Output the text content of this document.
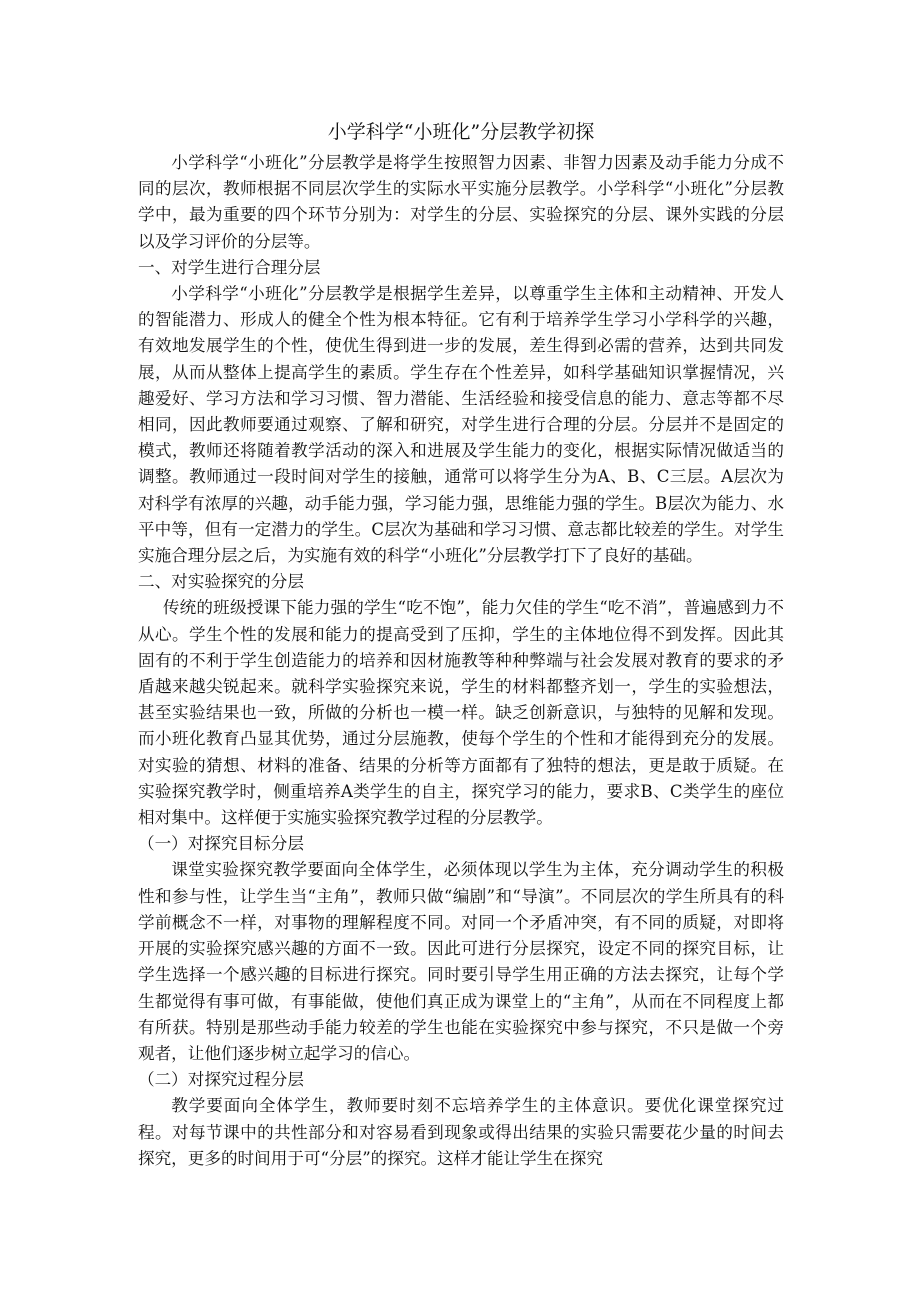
小学科学“小班化”分层教学初探

小学科学“小班化”分层教学是将学生按照智力因素、非智力因素及动手能力分成不同的层次，教师根据不同层次学生的实际水平实施分层教学。小学科学“小班化”分层教学中，最为重要的四个环节分别为：对学生的分层、实验探究的分层、课外实践的分层以及学习评价的分层等。

一、对学生进行合理分层

小学科学“小班化”分层教学是根据学生差异，以尊重学生主体和主动精神、开发人的智能潜力、形成人的健全个性为根本特征。它有利于培养学生学习小学科学的兴趣，有效地发展学生的个性，使优生得到进一步的发展，差生得到必需的营养，达到共同发展，从而从整体上提高学生的素质。学生存在个性差异，如科学基础知识掌握情况，兴趣爱好、学习方法和学习习惯、智力潜能、生活经验和接受信息的能力、意志等都不尽相同，因此教师要通过观察、了解和研究，对学生进行合理的分层。分层并不是固定的模式，教师还将随着教学活动的深入和进展及学生能力的变化，根据实际情况做适当的调整。教师通过一段时间对学生的接触，通常可以将学生分为A、B、C三层。A层次为对科学有浓厚的兴趣，动手能力强，学习能力强，思维能力强的学生。B层次为能力、水平中等，但有一定潜力的学生。C层次为基础和学习习惯、意志都比较差的学生。对学生实施合理分层之后，为实施有效的科学“小班化”分层教学打下了良好的基础。

二、对实验探究的分层

传统的班级授课下能力强的学生“吃不饱”，能力欠佳的学生“吃不消”，普遍感到力不从心。学生个性的发展和能力的提高受到了压抑，学生的主体地位得不到发挥。因此其固有的不利于学生创造能力的培养和因材施教等种种弊端与社会发展对教育的要求的矛盾越来越尖锐起来。就科学实验探究来说，学生的材料都整齐划一，学生的实验想法，甚至实验结果也一致，所做的分析也一模一样。缺乏创新意识，与独特的见解和发现。而小班化教育凸显其优势，通过分层施教，使每个学生的个性和才能得到充分的发展。对实验的猜想、材料的准备、结果的分析等方面都有了独特的想法，更是敢于质疑。在实验探究教学时，侧重培养A类学生的自主，探究学习的能力，要求B、C类学生的座位相对集中。这样便于实施实验探究教学过程的分层教学。

（一）对探究目标分层

课堂实验探究教学要面向全体学生，必须体现以学生为主体，充分调动学生的积极性和参与性，让学生当“主角”，教师只做“编剧”和“导演”。不同层次的学生所具有的科学前概念不一样，对事物的理解程度不同。对同一个矛盾冲突，有不同的质疑，对即将开展的实验探究感兴趣的方面不一致。因此可进行分层探究，设定不同的探究目标，让学生选择一个感兴趣的目标进行探究。同时要引导学生用正确的方法去探究，让每个学生都觉得有事可做，有事能做，使他们真正成为课堂上的“主角”，从而在不同程度上都有所获。特别是那些动手能力较差的学生也能在实验探究中参与探究，不只是做一个旁观者，让他们逐步树立起学习的信心。

（二）对探究过程分层

教学要面向全体学生，教师要时刻不忘培养学生的主体意识。要优化课堂探究过程。对每节课中的共性部分和对容易看到现象或得出结果的实验只需要花少量的时间去探究，更多的时间用于可“分层”的探究。这样才能让学生在探究
